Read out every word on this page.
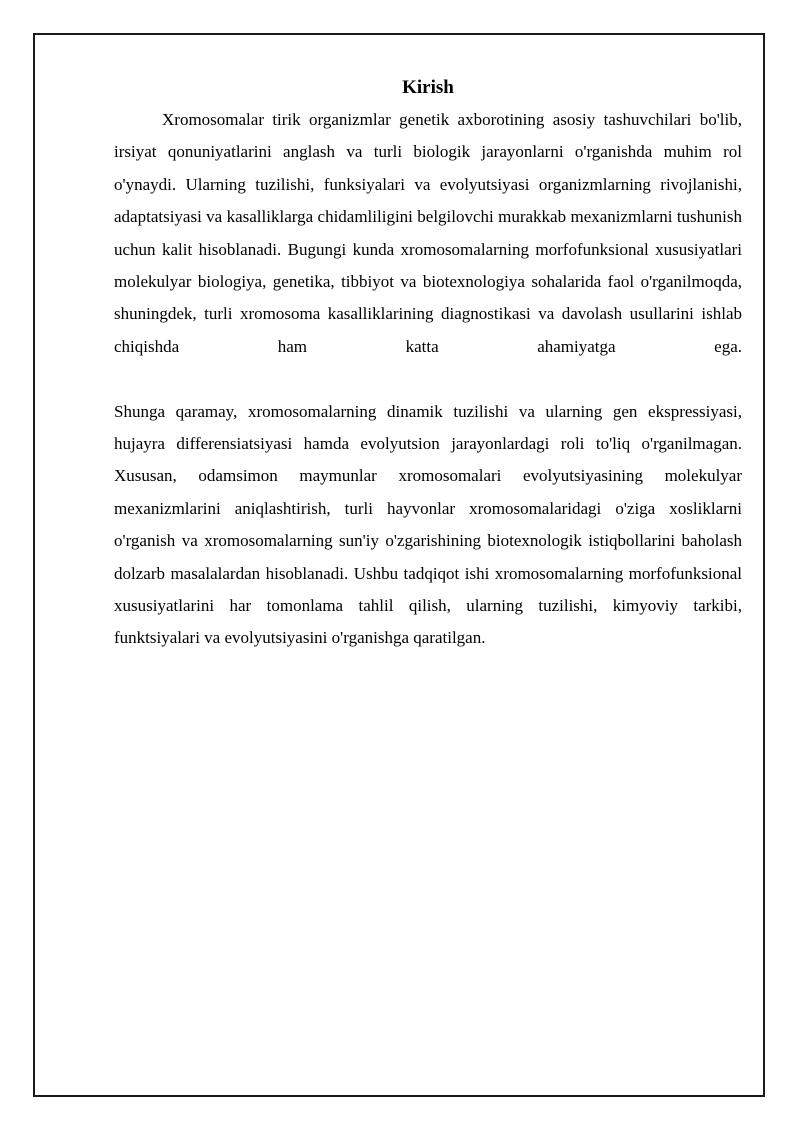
Kirish

Xromosomalar tirik organizmlar genetik axborotining asosiy tashuvchilari bo'lib, irsiyat qonuniyatlarini anglash va turli biologik jarayonlarni o'rganishda muhim rol o'ynaydi. Ularning tuzilishi, funksiyalari va evolyutsiyasi organizmlarning rivojlanishi, adaptatsiyasi va kasalliklarga chidamliligini belgilovchi murakkab mexanizmlarni tushunish uchun kalit hisoblanadi. Bugungi kunda xromosomalarning morfofunksional xususiyatlari molekulyar biologiya, genetika, tibbiyot va biotexnologiya sohalarida faol o'rganilmoqda, shuningdek, turli xromosoma kasalliklarining diagnostikasi va davolash usullarini ishlab chiqishda ham katta ahamiyatga ega.

Shunga qaramay, xromosomalarning dinamik tuzilishi va ularning gen ekspressiyasi, hujayra differensiatsiyasi hamda evolyutsion jarayonlardagi roli to'liq o'rganilmagan. Xususan, odamsimon maymunlar xromosomalari evolyutsiyasining molekulyar mexanizmlarini aniqlashtirish, turli hayvonlar xromosomalaridagi o'ziga xosliklarni o'rganish va xromosomalarning sun'iy o'zgarishining biotexnologik istiqbollarini baholash dolzarb masalalardan hisoblanadi. Ushbu tadqiqot ishi xromosomalarning morfofunksional xususiyatlarini har tomonlama tahlil qilish, ularning tuzilishi, kimyoviy tarkibi, funktsiyalari va evolyutsiyasini o'rganishga qaratilgan.
